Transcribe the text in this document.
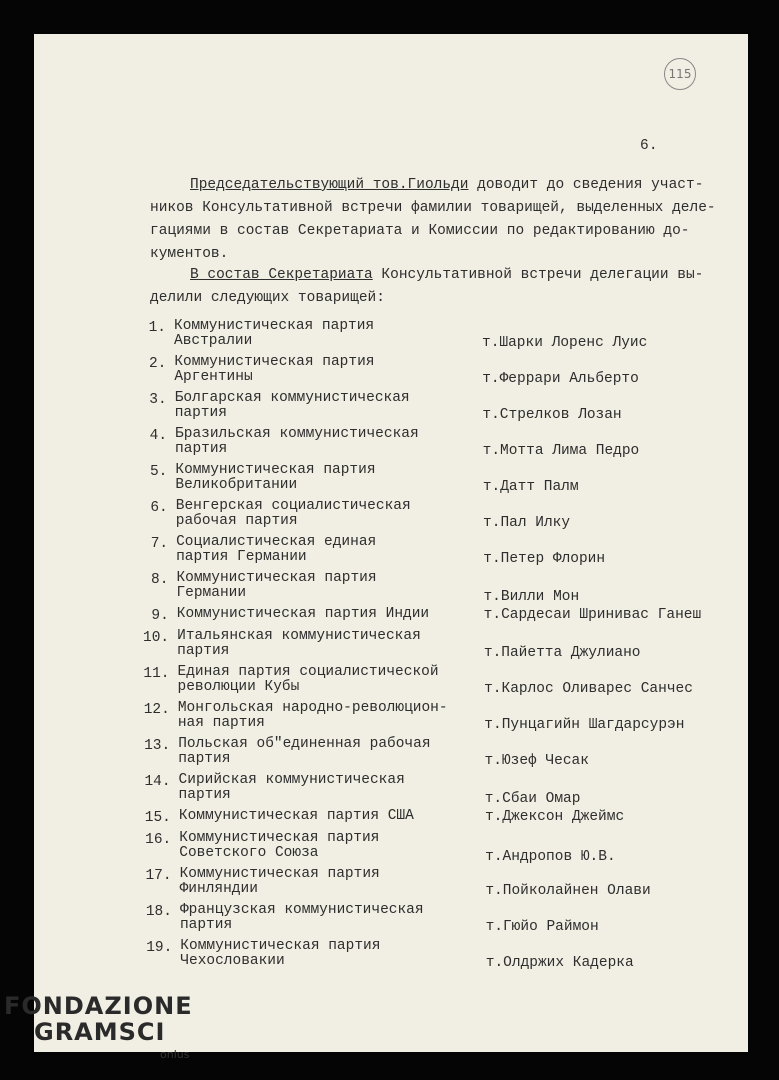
115
6.

Председательствующий тов.Гиольди доводит до сведения участ-

ников Консультативной встречи фамилии товарищей, выделенных деле-

гациями в состав Секретариата и Комиссии по редактированию до-

кументов.

В состав Секретариата Консультативной встречи делегации вы-

делили следующих товарищей:

1. Коммунистическая партия
Австралии	т.Шарки Лоренс Луис
2. Коммунистическая партия
Аргентины	т.Феррари Альберто
3. Болгарская коммунистическая
партия	т.Стрелков Лозан
4. Бразильская коммунистическая
партия	т.Мотта Лима Педро
5. Коммунистическая партия
Великобритании	т.Датт Палм
6. Венгерская социалистическая
рабочая партия	т.Пал Илку
7. Социалистическая единая
партия Германии	т.Петер Флорин
8. Коммунистическая партия
Германии	т.Вилли Мон
9. Коммунистическая партия Индии	т.Сардесаи Шринивас Ганеш
10. Итальянская коммунистическая
партия	т.Пайетта Джулиано
11. Единая партия социалистической
революции Кубы	т.Карлос Оливарес Санчес
12. Монгольская народно-революцион-
ная партия	т.Пунцагийн Шагдарсурэн
13. Польская об"единенная рабочая
партия	т.Юзеф Чесак
14. Сирийская коммунистическая
партия	т.Сбаи Омар
15. Коммунистическая партия США	т.Джексон Джеймс
16. Коммунистическая партия
Советского Союза	т.Андропов Ю.В.
17. Коммунистическая партия
Финляндии	т.Пойколайнен Олави
18. Французская коммунистическая
партия	т.Гюйо Раймон
19. Коммунистическая партия
Чехословакии	т.Олдржих Кадерка
FONDAZIONE
GRAMSCI
onlus
